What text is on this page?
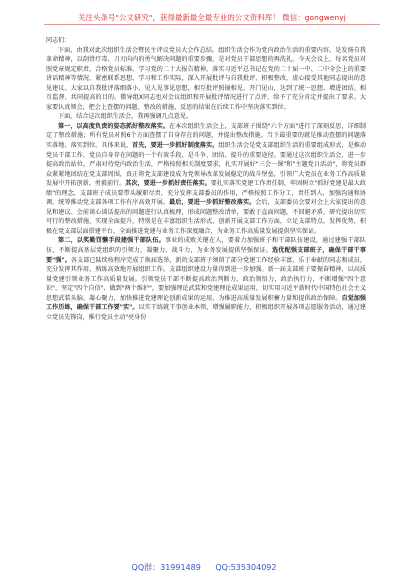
关注头条号"公文研究"，获得最新最全最专业的公文资料库！ 微信：gongwenyj

同志们：

下面，由我对此次组织生活会暨民主评议党员大会作总结。组织生活会作为党内政治生活的重要内容，是发扬自我革命精神，以刮骨疗毒、刀刃向内的勇气解决问题的重要步骤，是对党员干部思想的再洗礼。今天会议上，每名党员对照党章规定职责、合格党员标准、学习党的二十大报告精神，落实习近平总书记在党的二十届一中、二中全会上的重要讲话精神等情况，紧密联系思想、学习和工作实际，深入开展批评与自我批评，积极整改，虚心接受其他同志提出的意见建议。大家以自我批评落细落小、见人见事见思想，相互批评照镜相见、开门见山，达到了统一思想、增进团结、相互监督、共同提高的目的。微导组X同志也对会议组织和开展批评情况进行了点评，给予了充分肯定并提出了要求。大家要认真领会，把会上查摆的问题、整改的措施、反思的结果在后续工作中坚决落实到位。

下面，结合这次组织生活会，我再强调几点意见。

第一，以高度负责的姿态抓好整改落实。在本次组织生活会上，支部班子围绕"六个方面"进行了深刻反思，详细制定了整改措施；所有党员对照6个方面查摆了自身存在的问题，并提出整改措施。当下最重要的就是推动查摆的问题落实落地、落实到位。具体来说，首先，要进一步抓好制度落实。组织生活会是党支部组织生活的重要组成形式，是推动党员干部工作，党员自身存在问题的一个有效手段，是斗争、团结、提升的重要途径。要通过这次组织生活会，进一步提高政治站位，严肃对待党内政治生活，严格按照相关制度要求，扎实开展好"三会一课"和"主题党日活动"，将党员群众紧紧地团结在党支部周围，真正将党支部建设成为党领导改革发展稳定的战斗堡垒，引领广大党员在业务工作高质量发展中开拓创新、勇毅前行。其次，要进一步抓好责任落实。要扎实落实党建工作责任制，牢固树立"抓好党建是最大政绩"的理念，支部班子成员要带头履职尽责，充分发挥支部委员的作用，严格按照工作分工，责任到人，加强沟通和协调，统筹推动党支部各项工作有序高效开展。最后，要进一步抓好整改落实。会后，支部委员会要对会上大家提出的意见和建议、会前谈心谈话提出的问题进行认真梳理，形成问题整改清单，要敢于直面问题，不回避矛盾，研究提出切实可行的整改措施，实现全面提升，特别是在丰富组织生活形式、创新开展支部工作方面，立足支部特点，发挥优势，积极在党支部层面搭建平台，全面推进党建与业务工作深度融合，为业务工作高质量发展提供坚实保证。

第二，以奖勤罚懒手段建强干部队伍。事业的成败关键在人，要着力加强班子和干部队伍建设，通过建强干部队伍，不断提高基层党组织的引领力、凝聚力、战斗力，为业务发展提供坚强保证。选优配强支部班子，确保干部干事要"强"。各支部已陆续按程序完成了换届选举，新的支部班子须留了部分党建工作经验丰富，乐于奉献的同志和成员，充分发挥其作用，熟练高效地开展组织工作。支部组织建设力量得到进一步加强。新一届支部班子要振奋精神，以高质量党建引领业务工作高质量发展。引领党员干部不断提高政治判断力、政治领悟力、政治执行力，不断增强"四个意识"、坚定"四个自信"、做到"两个维护"，要加强理论武装和党建理论成果运用，切实用习近平新时代中国特色社会主义思想武装头脑、凝心聚力，加快推进党建理论创新成果的运用，为推进高质量发展积蓄力量和提供政治保障。自觉加强工作历练，确保干部工作要"实"。以实干练就干事创业本领，增强履职能力，积极组织开展各项志愿服务活动，通过建立党员先锋岗，推行党员主动"亮身份

QQ群：31991489 QQ:535304092
